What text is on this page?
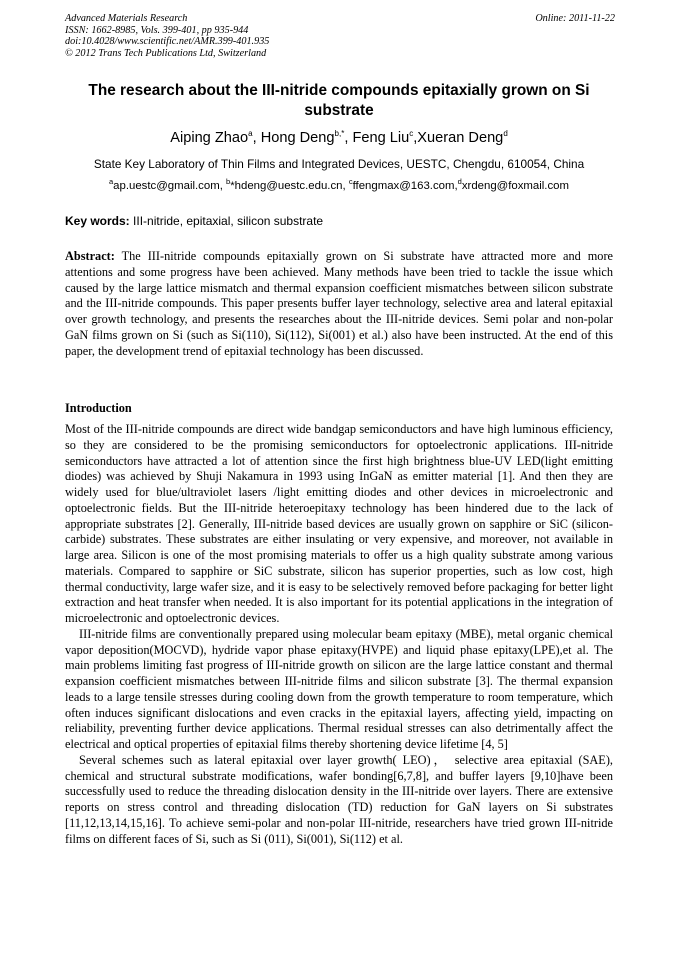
Advanced Materials Research
ISSN: 1662-8985, Vols. 399-401, pp 935-944
doi:10.4028/www.scientific.net/AMR.399-401.935
© 2012 Trans Tech Publications Ltd, Switzerland
Online: 2011-11-22
The research about the III-nitride compounds epitaxially grown on Si substrate
Aiping Zhao$^a$, Hong Deng$^{b,*}$, Feng Liu$^c$,Xueran Deng$^d$
State Key Laboratory of Thin Films and Integrated Devices, UESTC, Chengdu, 610054, China
$^a$ap.uestc@gmail.com, $^b$*hdeng@uestc.edu.cn, $^c$ffengmax@163.com,$^d$xrdeng@foxmail.com
Key words: III-nitride, epitaxial, silicon substrate
Abstract: The III-nitride compounds epitaxially grown on Si substrate have attracted more and more attentions and some progress have been achieved. Many methods have been tried to tackle the issue which caused by the large lattice mismatch and thermal expansion coefficient mismatches between silicon substrate and the III-nitride compounds. This paper presents buffer layer technology, selective area and lateral epitaxial over growth technology, and presents the researches about the III-nitride devices. Semi polar and non-polar GaN films grown on Si (such as Si(110), Si(112), Si(001) et al.) also have been instructed. At the end of this paper, the development trend of epitaxial technology has been discussed.
Introduction

Most of the III-nitride compounds are direct wide bandgap semiconductors and have high luminous efficiency, so they are considered to be the promising semiconductors for optoelectronic applications. III-nitride semiconductors have attracted a lot of attention since the first high brightness blue-UV LED(light emitting diodes) was achieved by Shuji Nakamura in 1993 using InGaN as emitter material [1]. And then they are widely used for blue/ultraviolet lasers /light emitting diodes and other devices in microelectronic and optoelectronic fields. But the III-nitride heteroepitaxy technology has been hindered due to the lack of appropriate substrates [2]. Generally, III-nitride based devices are usually grown on sapphire or SiC (silicon-carbide) substrates. These substrates are either insulating or very expensive, and moreover, not available in large area. Silicon is one of the most promising materials to offer us a high quality substrate among various materials. Compared to sapphire or SiC substrate, silicon has superior properties, such as low cost, high thermal conductivity, large wafer size, and it is easy to be selectively removed before packaging for better light extraction and heat transfer when needed. It is also important for its potential applications in the integration of microelectronic and optoelectronic devices.

III-nitride films are conventionally prepared using molecular beam epitaxy (MBE), metal organic chemical vapor deposition(MOCVD), hydride vapor phase epitaxy(HVPE) and liquid phase epitaxy(LPE),et al. The main problems limiting fast progress of III-nitride growth on silicon are the large lattice constant and thermal expansion coefficient mismatches between III-nitride films and silicon substrate [3]. The thermal expansion leads to a large tensile stresses during cooling down from the growth temperature to room temperature, which often induces significant dislocations and even cracks in the epitaxial layers, affecting yield, impacting on reliability, preventing further device applications. Thermal residual stresses can also detrimentally affect the electrical and optical properties of epitaxial films thereby shortening device lifetime [4, 5]

Several schemes such as lateral epitaxial over layer growth( LEO)， selective area epitaxial (SAE), chemical and structural substrate modifications, wafer bonding[6,7,8], and buffer layers [9,10]have been successfully used to reduce the threading dislocation density in the III-nitride over layers. There are extensive reports on stress control and threading dislocation (TD) reduction for GaN layers on Si substrates [11,12,13,14,15,16]. To achieve semi-polar and non-polar III-nitride, researchers have tried grown III-nitride films on different faces of Si, such as Si (011), Si(001), Si(112) et al.
